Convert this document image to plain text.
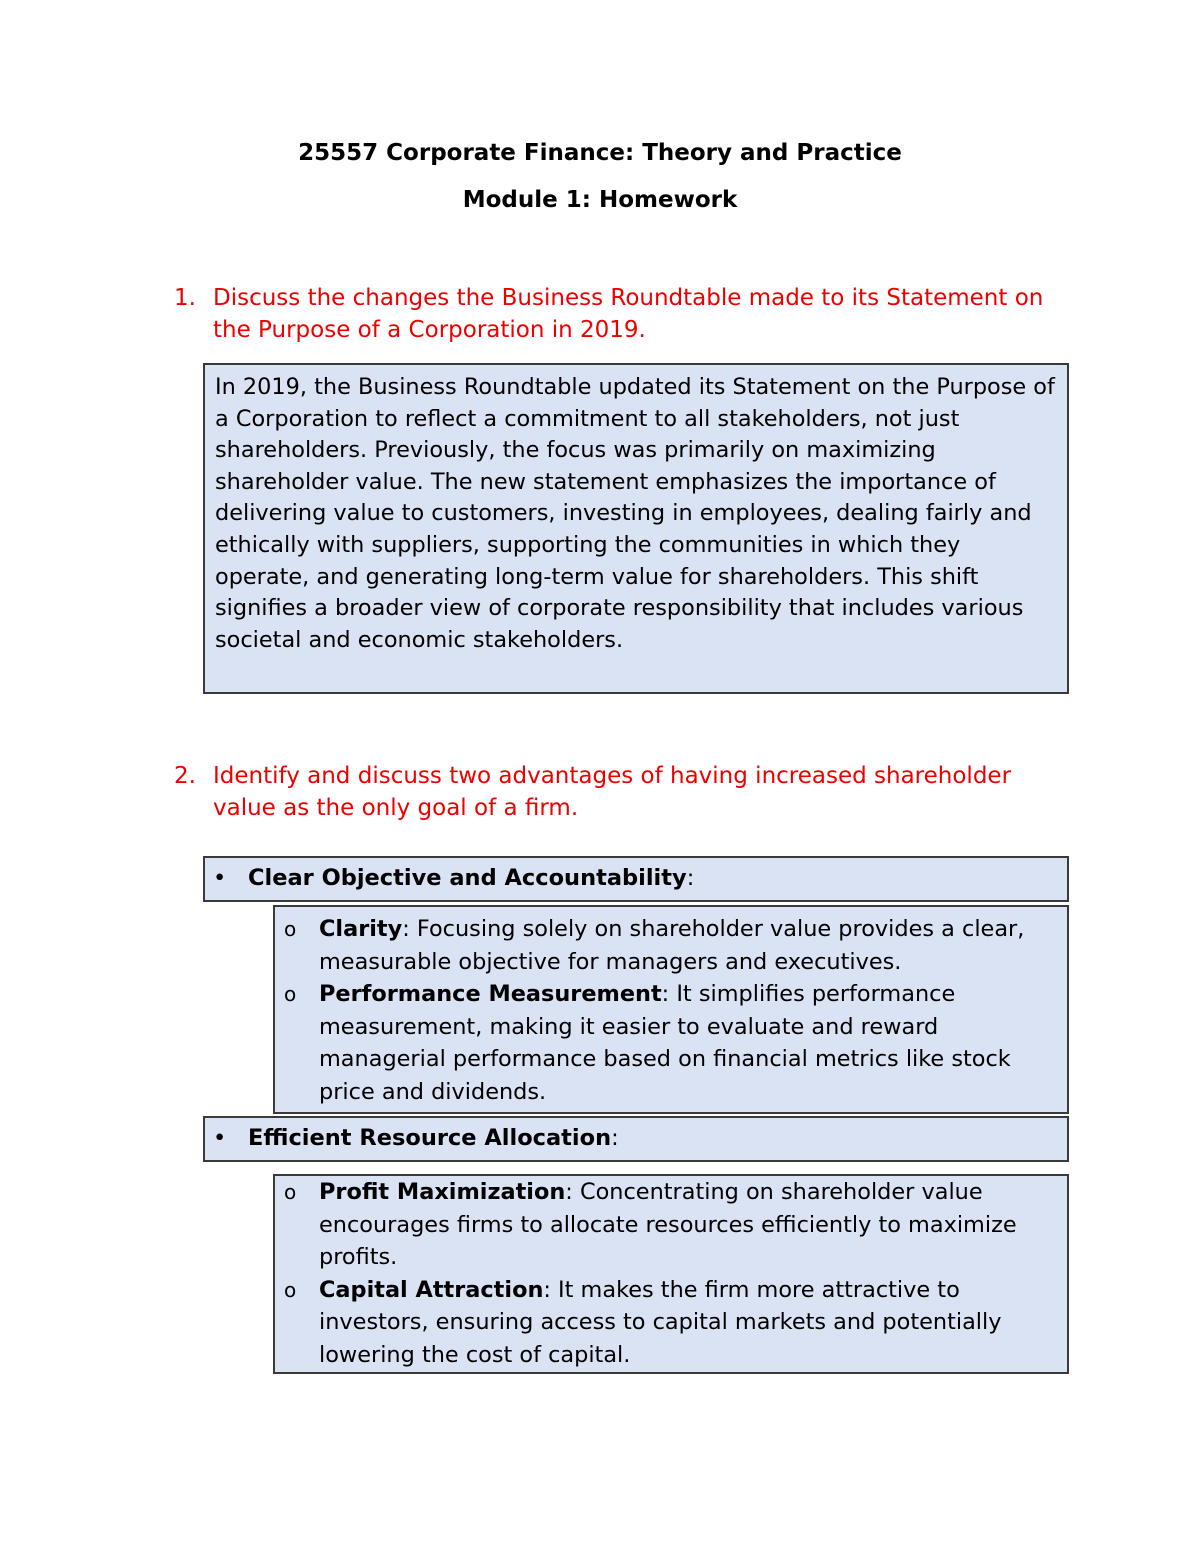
25557 Corporate Finance: Theory and Practice
Module 1: Homework
1. Discuss the changes the Business Roundtable made to its Statement on the Purpose of a Corporation in 2019.
In 2019, the Business Roundtable updated its Statement on the Purpose of a Corporation to reflect a commitment to all stakeholders, not just shareholders. Previously, the focus was primarily on maximizing shareholder value. The new statement emphasizes the importance of delivering value to customers, investing in employees, dealing fairly and ethically with suppliers, supporting the communities in which they operate, and generating long-term value for shareholders. This shift signifies a broader view of corporate responsibility that includes various societal and economic stakeholders.
2. Identify and discuss two advantages of having increased shareholder value as the only goal of a firm.
• Clear Objective and Accountability:
o Clarity: Focusing solely on shareholder value provides a clear, measurable objective for managers and executives.
o Performance Measurement: It simplifies performance measurement, making it easier to evaluate and reward managerial performance based on financial metrics like stock price and dividends.
• Efficient Resource Allocation:
o Profit Maximization: Concentrating on shareholder value encourages firms to allocate resources efficiently to maximize profits.
o Capital Attraction: It makes the firm more attractive to investors, ensuring access to capital markets and potentially lowering the cost of capital.
